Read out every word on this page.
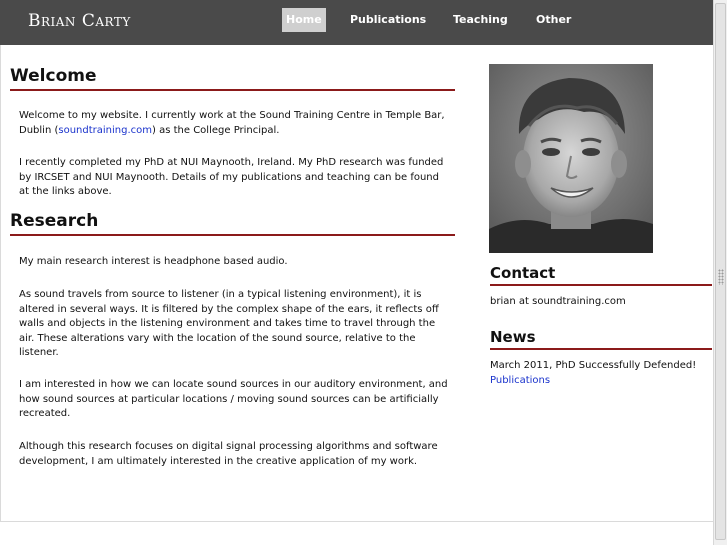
Brian Carty	Home	Publications Teaching	Other
Welcome

Welcome to my website. I currently work at the Sound Training Centre in Temple Bar, Dublin (soundtraining.com) as the College Principal.

I recently completed my PhD at NUI Maynooth, Ireland. My PhD research was funded by IRCSET and NUI Maynooth. Details of my publications and teaching can be found at the links above.

Research

My main research interest is headphone based audio.

As sound travels from source to listener (in a typical listening environment), it is altered in several ways. It is filtered by the complex shape of the ears, it reflects off walls and objects in the listening environment and takes time to travel through the air. These alterations vary with the location of the sound source, relative to the listener.

I am interested in how we can locate sound sources in our auditory environment, and how sound sources at particular locations / moving sound sources can be artificially recreated.

Although this research focuses on digital signal processing algorithms and software development, I am ultimately interested in the creative application of my work.

Contact

brian at soundtraining.com

News

March 2011, PhD Successfully Defended!
Publications
